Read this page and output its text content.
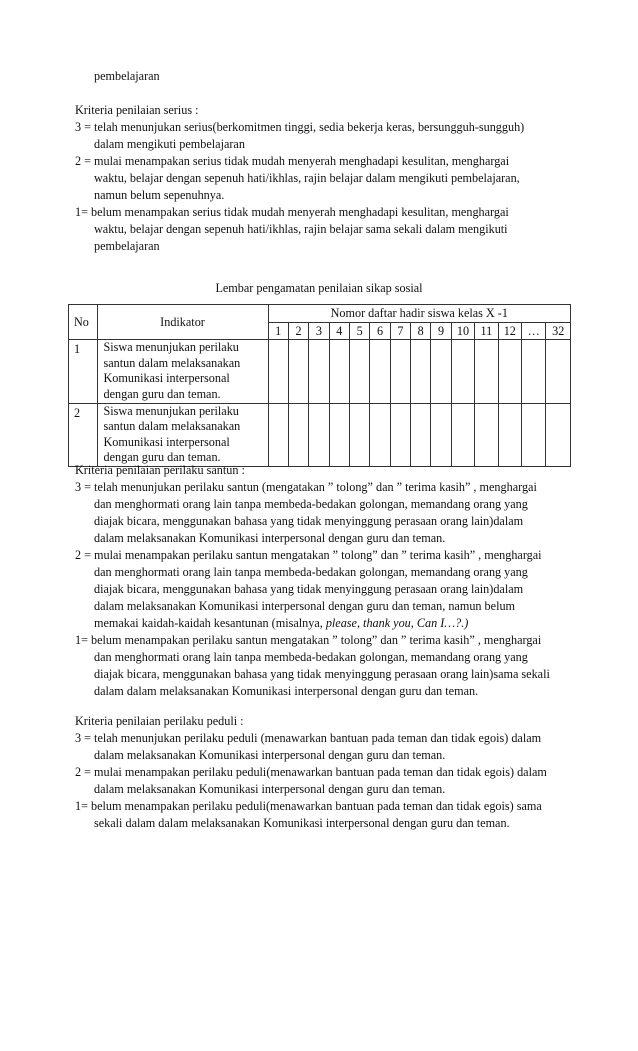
pembelajaran
Kriteria penilaian serius :
3 = telah menunjukan serius(berkomitmen tinggi, sedia bekerja keras, bersungguh-sungguh)
dalam mengikuti pembelajaran
2 = mulai menampakan serius tidak mudah menyerah menghadapi kesulitan, menghargai
waktu, belajar dengan sepenuh hati/ikhlas, rajin belajar dalam mengikuti pembelajaran,
namun belum sepenuhnya.
1= belum menampakan serius tidak mudah menyerah menghadapi kesulitan, menghargai
waktu, belajar dengan sepenuh hati/ikhlas, rajin belajar sama sekali dalam mengikuti
pembelajaran
Lembar pengamatan penilaian sikap sosial
No	Indikator	Nomor daftar hadir siswa kelas X -1													
		1	2	3	4	5	6	7	8	9	10	11	12	…	32
1	Siswa menunjukan perilaku
santun dalam melaksanakan
Komunikasi interpersonal
dengan guru dan teman.														

2	Siswa menunjukan perilaku
santun dalam melaksanakan
Komunikasi interpersonal
dengan guru dan teman.														

Kriteria penilaian perilaku santun :
3 = telah menunjukan perilaku santun (mengatakan ” tolong” dan ” terima kasih” , menghargai
dan menghormati orang lain tanpa membeda-bedakan golongan, memandang orang yang
diajak bicara, menggunakan bahasa yang tidak menyinggung perasaan orang lain)dalam
dalam melaksanakan Komunikasi interpersonal dengan guru dan teman.
2 = mulai menampakan perilaku santun mengatakan ” tolong” dan ” terima kasih” , menghargai
dan menghormati orang lain tanpa membeda-bedakan golongan, memandang orang yang
diajak bicara, menggunakan bahasa yang tidak menyinggung perasaan orang lain)dalam
dalam melaksanakan Komunikasi interpersonal dengan guru dan teman, namun belum
memakai kaidah-kaidah kesantunan (misalnya, please, thank you, Can I…?.)
1= belum menampakan perilaku santun mengatakan ” tolong” dan ” terima kasih” , menghargai
dan menghormati orang lain tanpa membeda-bedakan golongan, memandang orang yang
diajak bicara, menggunakan bahasa yang tidak menyinggung perasaan orang lain)sama sekali
dalam dalam melaksanakan Komunikasi interpersonal dengan guru dan teman.
Kriteria penilaian perilaku peduli :
3 = telah menunjukan perilaku peduli (menawarkan bantuan pada teman dan tidak egois) dalam
dalam melaksanakan Komunikasi interpersonal dengan guru dan teman.
2 = mulai menampakan perilaku peduli(menawarkan bantuan pada teman dan tidak egois) dalam
dalam melaksanakan Komunikasi interpersonal dengan guru dan teman.
1= belum menampakan perilaku peduli(menawarkan bantuan pada teman dan tidak egois) sama
sekali dalam dalam melaksanakan Komunikasi interpersonal dengan guru dan teman.
